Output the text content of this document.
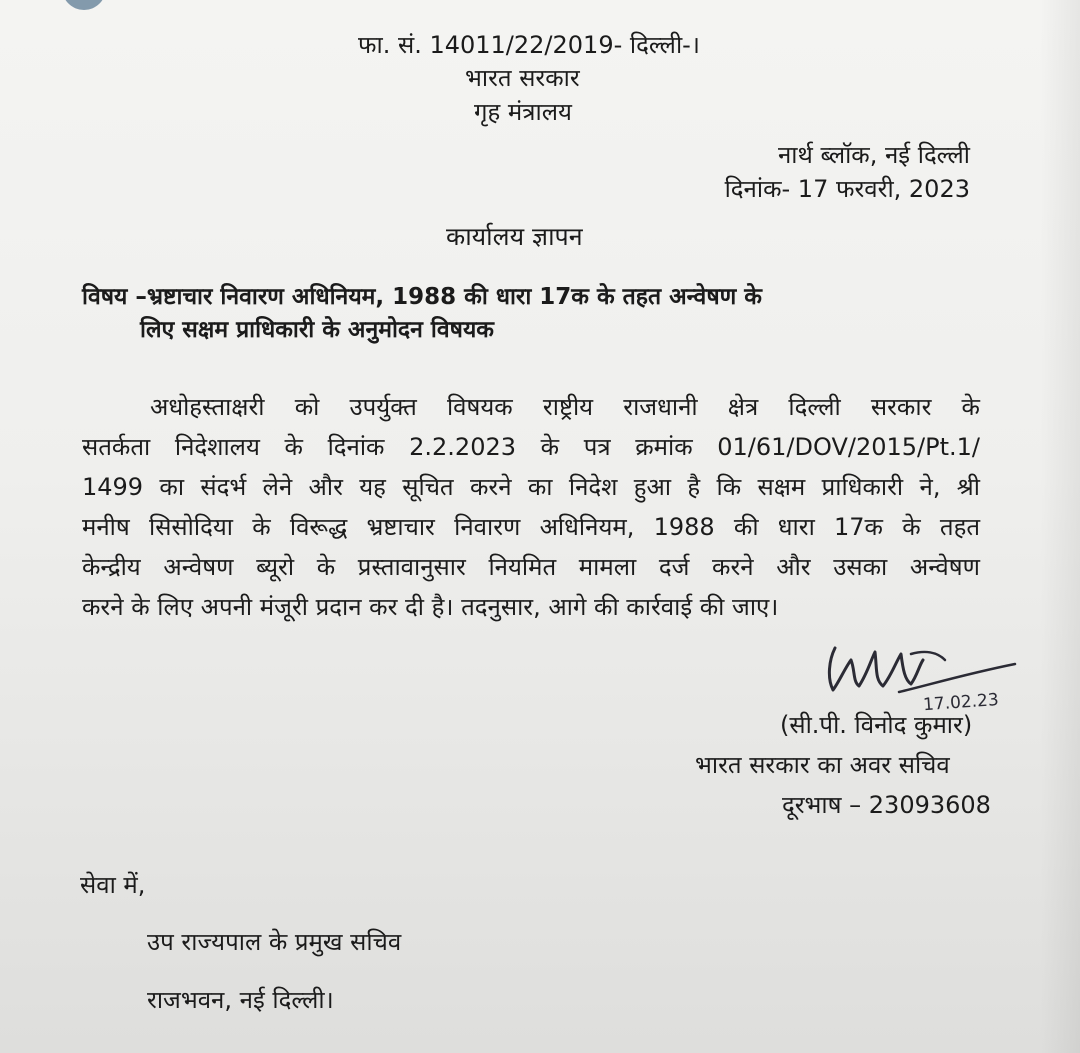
फा. सं. 14011/22/2019- दिल्ली-।
भारत सरकार
गृह मंत्रालय
नार्थ ब्लॉक, नई दिल्ली
दिनांक- 17 फरवरी, 2023
कार्यालय ज्ञापन
विषय –भ्रष्टाचार निवारण अधिनियम, 1988 की धारा 17क के तहत अन्वेषण के
लिए सक्षम प्राधिकारी के अनुमोदन विषयक
अधोहस्ताक्षरी को उपर्युक्त विषयक राष्ट्रीय राजधानी क्षेत्र दिल्ली सरकार के
सतर्कता निदेशालय के दिनांक 2.2.2023 के पत्र क्रमांक 01/61/DOV/2015/Pt.1/
1499 का संदर्भ लेने और यह सूचित करने का निदेश हुआ है कि सक्षम प्राधिकारी ने, श्री
मनीष सिसोदिया के विरूद्ध भ्रष्टाचार निवारण अधिनियम, 1988 की धारा 17क के तहत
केन्द्रीय अन्वेषण ब्यूरो के प्रस्तावानुसार नियमित मामला दर्ज करने और उसका अन्वेषण
करने के लिए अपनी मंजूरी प्रदान कर दी है। तदनुसार, आगे की कार्रवाई की जाए।
17.02.23
(सी.पी. विनोद कुमार)
भारत सरकार का अवर सचिव
दूरभाष – 23093608
सेवा में,
उप राज्यपाल के प्रमुख सचिव
राजभवन, नई दिल्ली।
